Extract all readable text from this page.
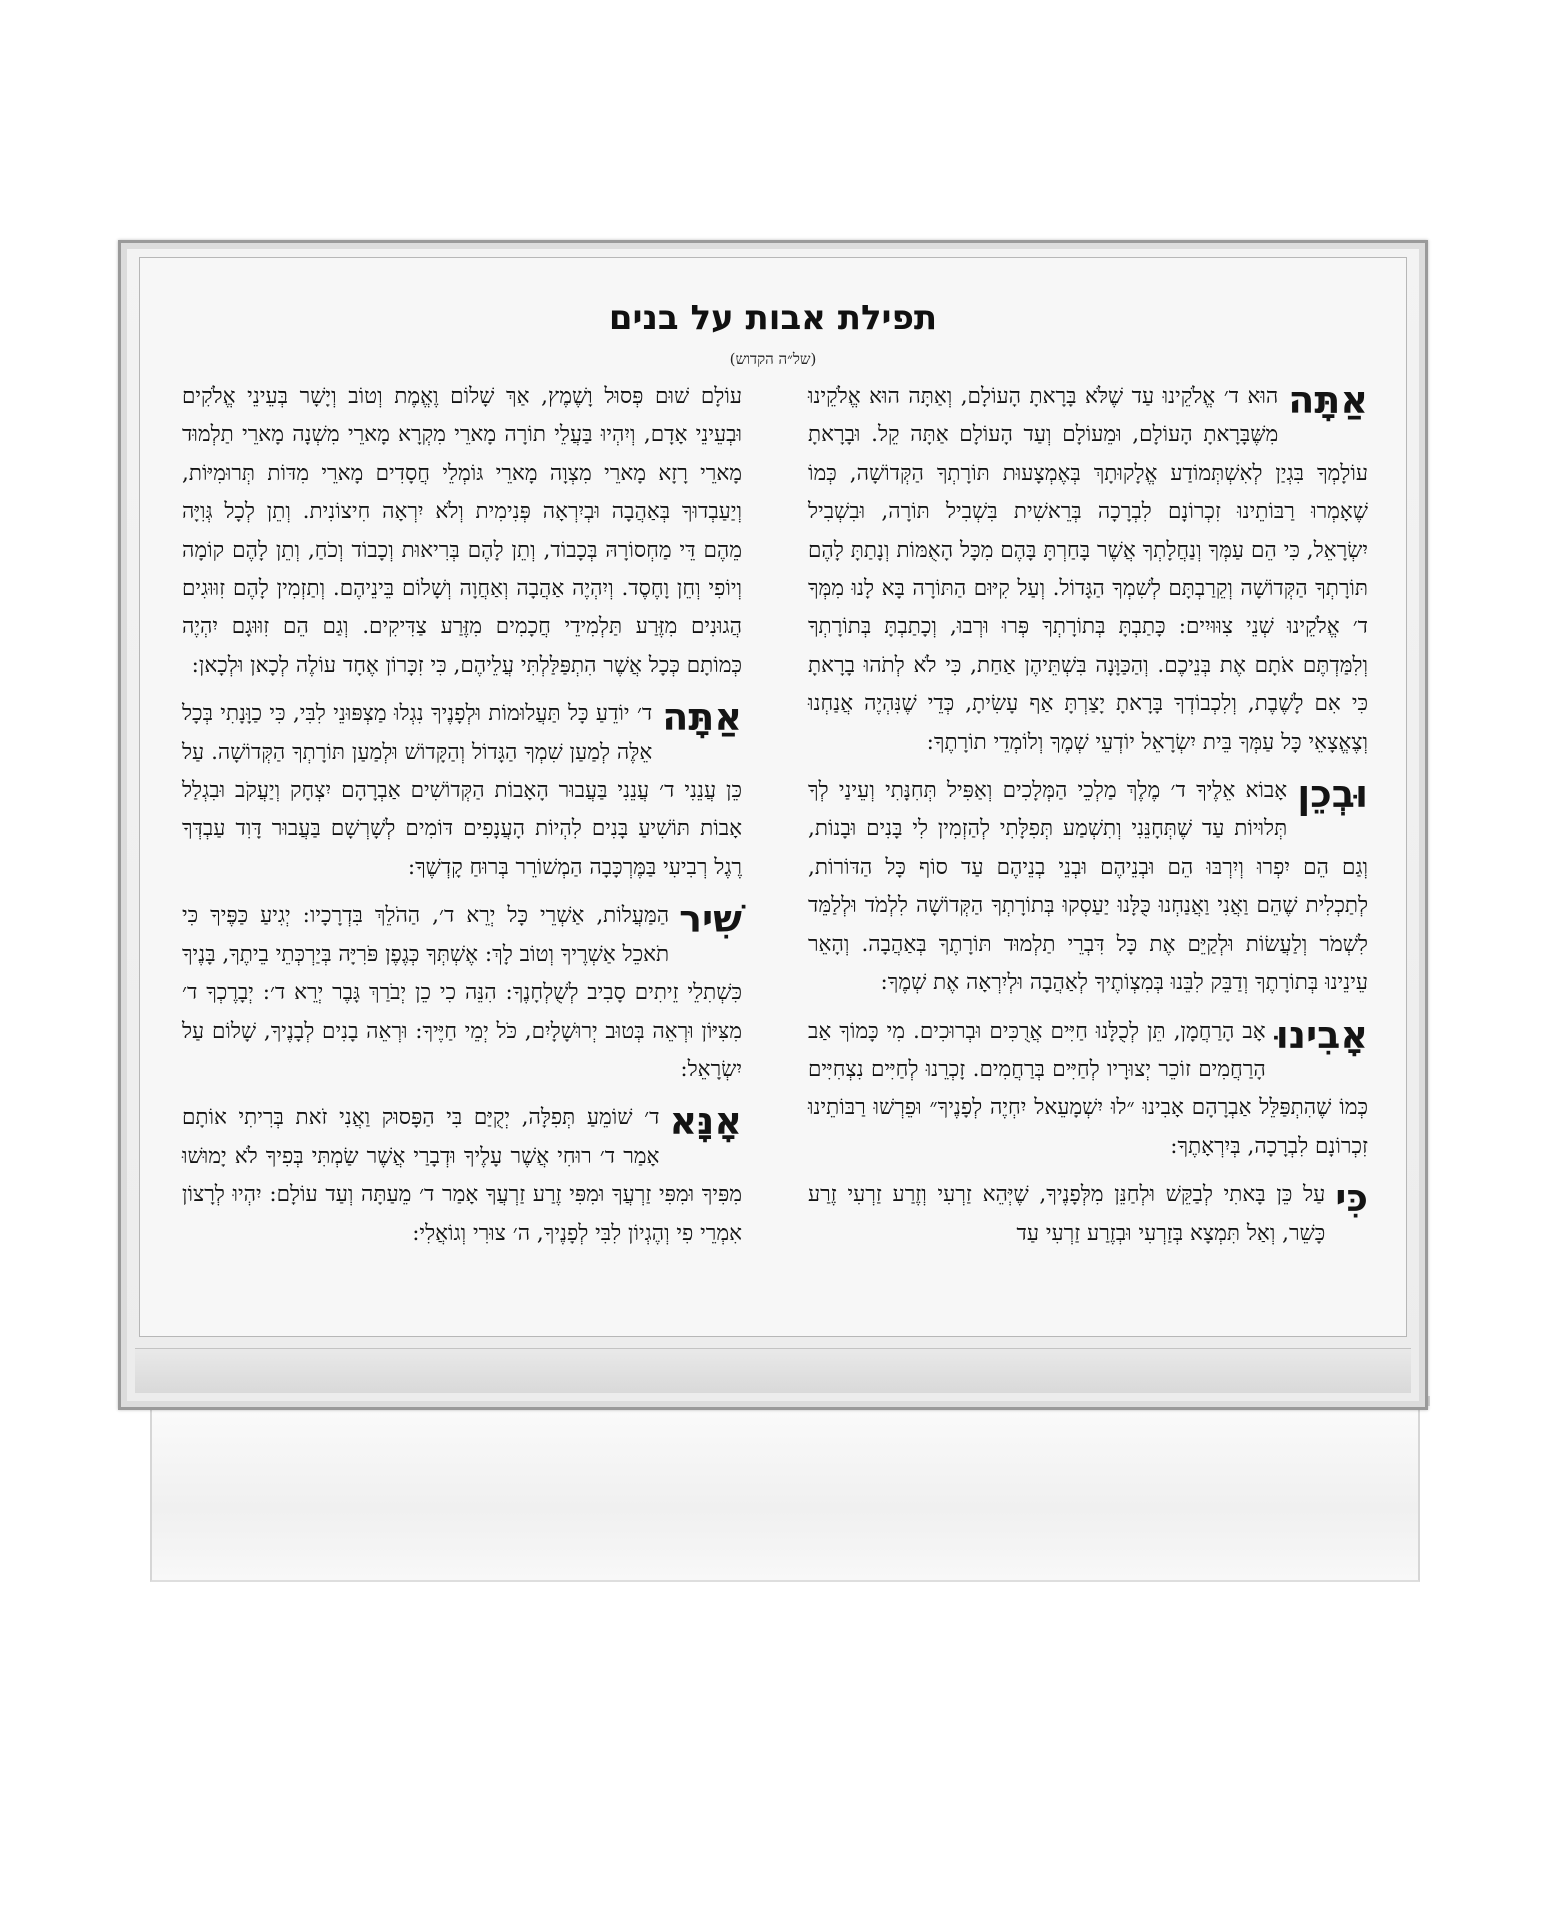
תפילת אבות על בנים
(של״ה הקדוש)

אַתָּה
הוּא ד׳ אֱלֹקֵינוּ עַד שֶׁלֹּא בָּרָאתָ הָעוֹלָם, וְאַתָּה הוּא אֱלֹקֵינוּ מִשֶּׁבָּרָאתָ הָעוֹלָם, וּמֵעוֹלָם וְעַד הָעוֹלָם אַתָּה קֵל. וּבָרָאתָ עוֹלָמְךָ בִּגְיַן לְאִשְׁתְּמוֹדַע אֱלָקוּתָךְ בְּאֶמְצָעוּת תּוֹרָתְךָ הַקְּדוֹשָׁה, כְּמוֹ שֶׁאָמְרוּ רַבּוֹתֵינוּ זִכְרוֹנָם לִבְרָכָה בְּרֵאשִׁית בִּשְׁבִיל תּוֹרָה, וּבִשְׁבִיל יִשְׂרָאֵל, כִּי הֵם עַמְּךָ וְנַחֲלָתְךָ אֲשֶׁר בָּחַרְתָּ בָּהֶם מִכָּל הָאֻמּוֹת וְנָתַתָּ לָהֶם תּוֹרָתְךָ הַקְּדוֹשָׁה וְקֵרַבְתָּם לְשִׁמְךָ הַגָּדוֹל. וְעַל קִיּוּם הַתּוֹרָה בָּא לָנוּ מִמְּךָ ד׳ אֱלֹקֵינוּ שְׁנֵי צִוּוּיִים: כָּתַבְתָּ בְּתוֹרָתְךָ פְּרוּ וּרְבוּ, וְכָתַבְתָּ בְּתוֹרָתְךָ וְלִמַּדְתֶּם אֹתָם אֶת בְּנֵיכֶם. וְהַכַּוָּנָה בִּשְׁתֵּיהֶן אַחַת, כִּי לֹא לְתֹהוּ בָרָאתָ כִּי אִם לָשֶׁבֶת, וְלִכְבוֹדְךָ בָּרָאתָ יָצַרְתָּ אַף עָשִׂיתָ, כְּדֵי שֶׁנִּהְיֶה אֲנַחְנוּ וְצֶאֱצָאֵי כָּל עַמְּךָ בֵּית יִשְׂרָאֵל יוֹדְעֵי שְׁמֶךָ וְלוֹמְדֵי תוֹרָתֶךָ:

וּבְכֵן
אָבוֹא אֵלֶיךָ ד׳ מֶלֶךְ מַלְכֵי הַמְּלָכִים וְאַפִּיל תְּחִנָּתִי וְעֵינַי לְךָ תְּלוּיוֹת עַד שֶׁתְּחָנֵּנִי וְתִשְׁמַע תְּפִלָּתִי לְהַזְמִין לִי בָּנִים וּבָנוֹת, וְגַם הֵם יִפְרוּ וְיִרְבּוּ הֵם וּבְנֵיהֶם וּבְנֵי בְנֵיהֶם עַד סוֹף כָּל הַדּוֹרוֹת, לְתַכְלִית שֶׁהֵם וַאֲנִי וַאֲנַחְנוּ כֻּלָּנוּ יַעַסְקוּ בְּתוֹרָתְךָ הַקְּדוֹשָׁה לִלְמֹד וּלְלַמֵּד לִשְׁמֹר וְלַעֲשׂוֹת וּלְקַיֵּם אֶת כָּל דִּבְרֵי תַלְמוּד תּוֹרָתֶךָ בְּאַהֲבָה. וְהָאֵר עֵינֵינוּ בְּתוֹרָתֶךָ וְדַבֵּק לִבֵּנוּ בְּמִצְוֹתֶיךָ לְאַהֲבָה וּלְיִרְאָה אֶת שְׁמֶךָ:

אָבִינוּ
אָב הָרַחֲמָן, תֵּן לְכֻלָּנוּ חַיִּים אֲרֻכִּים וּבְרוּכִים. מִי כָּמוֹךָ אַב הָרַחֲמִים זוֹכֵר יְצוּרָיו לְחַיִּים בְּרַחֲמִים. זָכְרֵנוּ לְחַיִּים נִצְחִיִּים כְּמוֹ שֶׁהִתְפַּלֵּל אַבְרָהָם אָבִינוּ ״לוּ יִשְׁמָעֵאל יִחְיֶה לְפָנֶיךָ״ וּפֵרְשׁוּ רַבּוֹתֵינוּ זִכְרוֹנָם לִבְרָכָה, בְּיִרְאָתֶךָ:

כִּי
עַל כֵּן בָּאתִי לְבַקֵּשׁ וּלְחַנֵּן מִלְּפָנֶיךָ, שֶׁיְּהֵא זַרְעִי וְזֶרַע זַרְעִי זֶרַע כָּשֵׁר, וְאַל תִּמְצָא בְּזַרְעִי וּבְזֶרַע זַרְעִי עַד

עוֹלָם שׁוּם פְּסוּל וָשֶׁמֶץ, אַךְ שָׁלוֹם וֶאֱמֶת וְטוֹב וְיָשָׁר בְּעֵינֵי אֱלֹקִים וּבְעֵינֵי אָדָם, וְיִהְיוּ בַּעֲלֵי תוֹרָה מָארֵי מִקְרָא מָארֵי מִשְׁנָה מָארֵי תַלְמוּד מָארֵי רָזָא מָארֵי מִצְוָה מָארֵי גּוֹמְלֵי חֲסָדִים מָארֵי מִדּוֹת תְּרוּמִיּוֹת, וְיַעַבְדוּךָ בְּאַהֲבָה וּבְיִרְאָה פְּנִימִית וְלֹא יִרְאָה חִיצוֹנִית. וְתֵן לְכָל גְּוִיָּה מֵהֶם דֵּי מַחְסוֹרָהּ בְּכָבוֹד, וְתֵן לָהֶם בְּרִיאוּת וְכָבוֹד וְכֹחַ, וְתֵן לָהֶם קוֹמָה וְיוֹפִי וְחֵן וָחֶסֶד. וְיִהְיֶה אַהֲבָה וְאַחֲוָה וְשָׁלוֹם בֵּינֵיהֶם. וְתַזְמִין לָהֶם זִוּוּגִים הֲגוּנִים מִזֶּרַע תַּלְמִידֵי חֲכָמִים מִזֶּרַע צַדִּיקִים. וְגַם הֵם זִוּוּגָם יִהְיֶה כְּמוֹתָם כְּכָל אֲשֶׁר הִתְפַּלַּלְתִּי עֲלֵיהֶם, כִּי זִכָּרוֹן אֶחָד עוֹלֶה לְכָאן וּלְכָאן:

אַתָּה
ד׳ יוֹדֵעַ כָּל תַּעֲלוּמוֹת וּלְפָנֶיךָ נִגְלוּ מַצְפּוּנֵי לִבִּי, כִּי כַוָּנָתִי בְּכָל אֵלֶּה לְמַעַן שִׁמְךָ הַגָּדוֹל וְהַקָּדוֹשׁ וּלְמַעַן תּוֹרָתְךָ הַקְּדוֹשָׁה. עַל כֵּן עֲנֵנִי ד׳ עֲנֵנִי בַּעֲבוּר הָאָבוֹת הַקְּדוֹשִׁים אַבְרָהָם יִצְחָק וְיַעֲקֹב וּבִגְלַל אָבוֹת תּוֹשִׁיעַ בָּנִים לִהְיוֹת הָעֲנָפִים דּוֹמִים לְשָׁרְשָׁם בַּעֲבוּר דָּוִד עַבְדְּךָ רֶגֶל רְבִיעִי בַּמֶּרְכָּבָה הַמְשׁוֹרֵר בְּרוּחַ קָדְשֶׁךָ:

שִׁיר
הַמַּעֲלוֹת, אַשְׁרֵי כָּל יְרֵא ד׳, הַהֹלֵךְ בִּדְרָכָיו: יְגִיעַ כַּפֶּיךָ כִּי תֹאכֵל אַשְׁרֶיךָ וְטוֹב לָךְ: אֶשְׁתְּךָ כְּגֶפֶן פֹּרִיָּה בְּיַרְכְּתֵי בֵיתֶךָ, בָּנֶיךָ כִּשְׁתִלֵי זֵיתִים סָבִיב לְשֻׁלְחָנֶךָ: הִנֵּה כִי כֵן יְבֹרַךְ גָּבֶר יְרֵא ד׳: יְבָרֶכְךָ ד׳ מִצִּיּוֹן וּרְאֵה בְּטוּב יְרוּשָׁלָיִם, כֹּל יְמֵי חַיֶּיךָ: וּרְאֵה בָנִים לְבָנֶיךָ, שָׁלוֹם עַל יִשְׂרָאֵל:

אָנָּא
ד׳ שׁוֹמֵעַ תְּפִלָּה, יְקֻיַּם בִּי הַפָּסוּק וַאֲנִי זֹאת בְּרִיתִי אוֹתָם אָמַר ד׳ רוּחִי אֲשֶׁר עָלֶיךָ וּדְבָרַי אֲשֶׁר שַׂמְתִּי בְּפִיךָ לֹא יָמוּשׁוּ מִפִּיךָ וּמִפִּי זַרְעֲךָ וּמִפִּי זֶרַע זַרְעֲךָ אָמַר ד׳ מֵעַתָּה וְעַד עוֹלָם: יִהְיוּ לְרָצוֹן אִמְרֵי פִי וְהֶגְיוֹן לִבִּי לְפָנֶיךָ, ה׳ צוּרִי וְגוֹאֲלִי:
